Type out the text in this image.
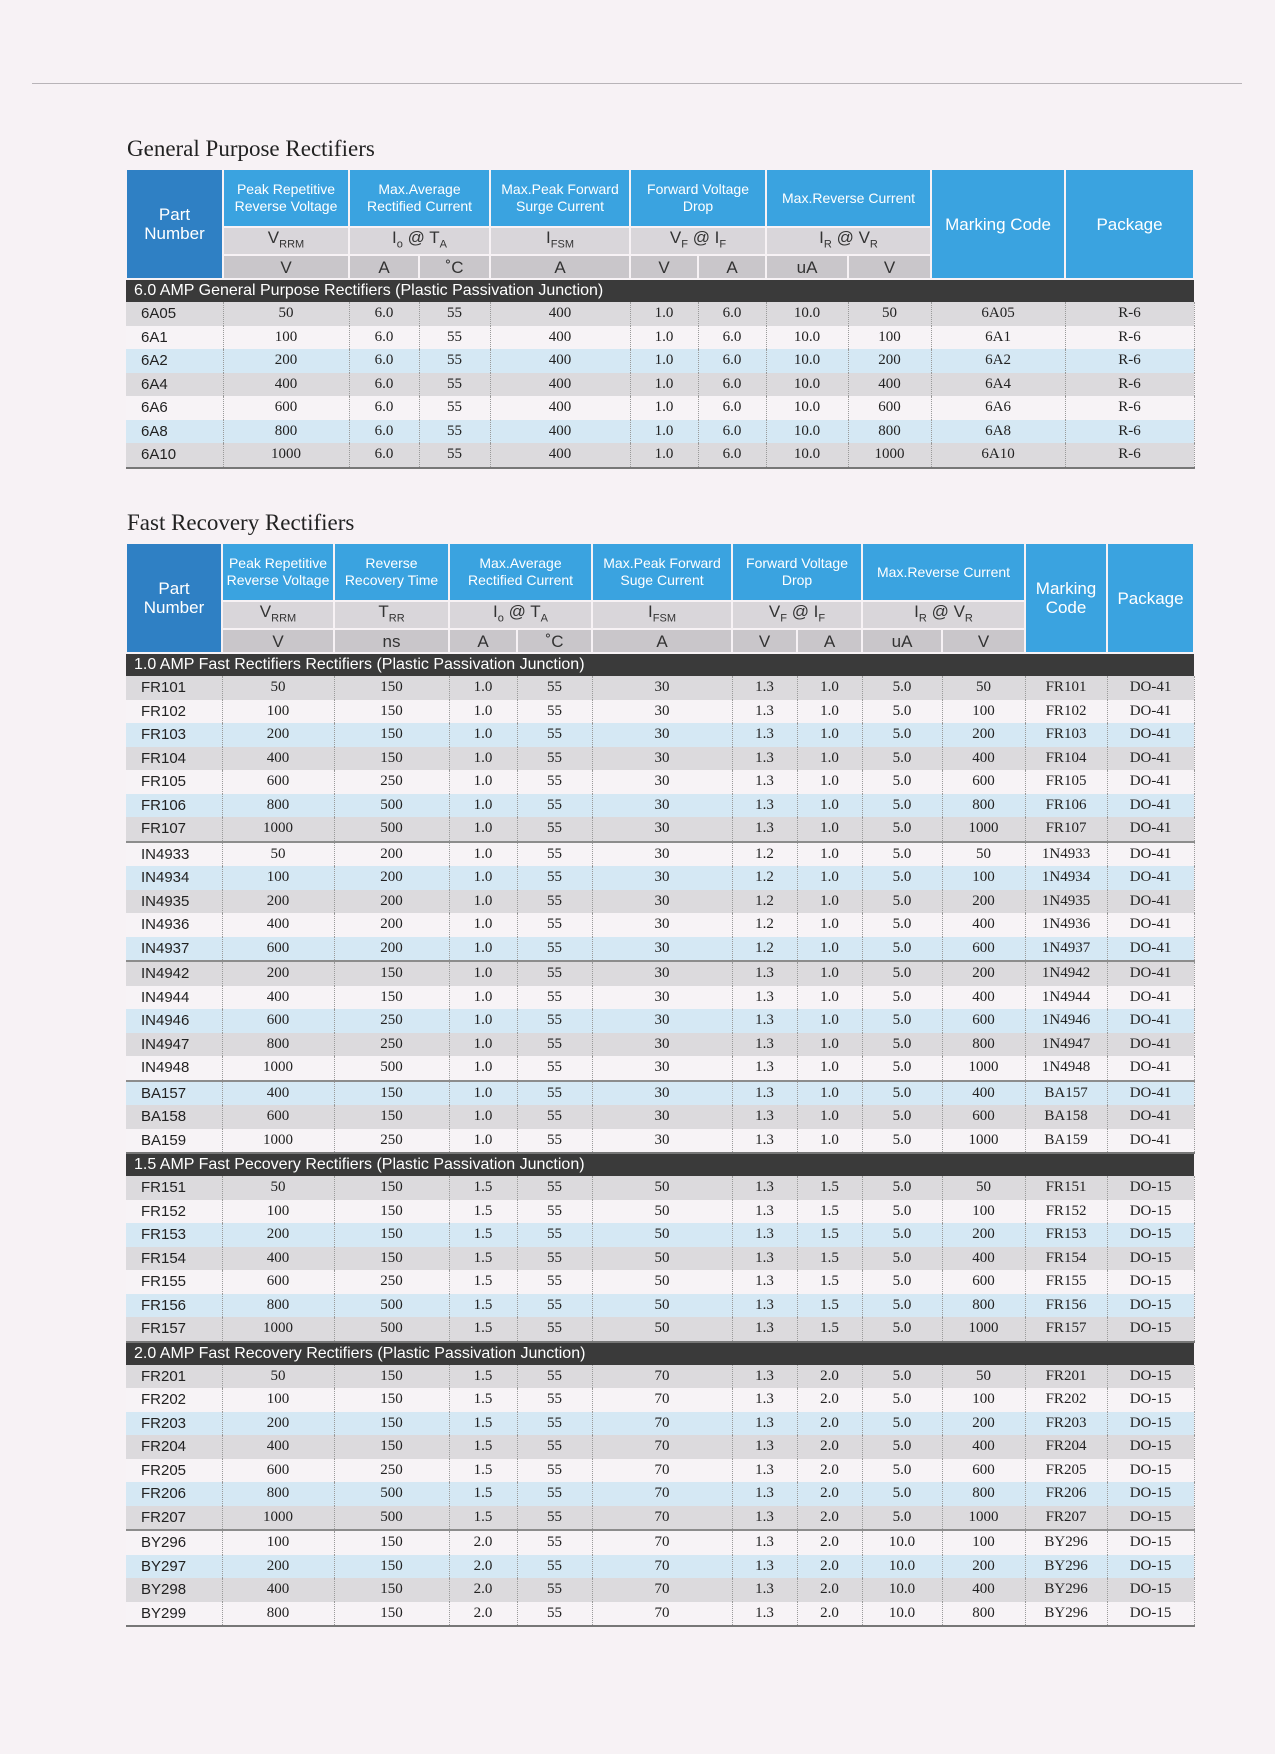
General Purpose Rectifiers
Part Number	Peak Repetitive Reverse Voltage	Max.Average Rectified Current		Max.Peak Forward Surge Current	Forward Voltage Drop		Max.Reverse Current		Marking Code	Package
	$V_{RRM}$	$I_o$ @ $T_A$		$I_{FSM}$	$V_F$ @ $I_F$		$I_R$ @ $V_R$
	V	A	˚C	A	V	A	uA	V		
6.0 AMP General Purpose Rectifiers (Plastic Passivation Junction)										
6A05	50	6.0	55	400	1.0	6.0	10.0	50	6A05	R-6
6A1	100	6.0	55	400	1.0	6.0	10.0	100	6A1	R-6
6A2	200	6.0	55	400	1.0	6.0	10.0	200	6A2	R-6
6A4	400	6.0	55	400	1.0	6.0	10.0	400	6A4	R-6
6A6	600	6.0	55	400	1.0	6.0	10.0	600	6A6	R-6
6A8	800	6.0	55	400	1.0	6.0	10.0	800	6A8	R-6
6A10	1000	6.0	55	400	1.0	6.0	10.0	1000	6A10	R-6
Fast Recovery Rectifiers
Part Number	Peak Repetitive Reverse Voltage	Reverse Recovery Time	Max.Average Rectified Current		Max.Peak Forward Suge Current	Forward Voltage Drop		Max.Reverse Current		Marking Code	Package
	$V_{RRM}$	$T_{RR}$	$I_o$ @ $T_A$		$I_{FSM}$	$V_F$ @ $I_F$		$I_R$ @ $V_R$
	V	ns	A	˚C	A	V	A	uA	V		
1.0 AMP Fast Rectifiers Rectifiers (Plastic Passivation Junction)											
FR101	50	150	1.0	55	30	1.3	1.0	5.0	50	FR101	DO-41
FR102	100	150	1.0	55	30	1.3	1.0	5.0	100	FR102	DO-41
FR103	200	150	1.0	55	30	1.3	1.0	5.0	200	FR103	DO-41
FR104	400	150	1.0	55	30	1.3	1.0	5.0	400	FR104	DO-41
FR105	600	250	1.0	55	30	1.3	1.0	5.0	600	FR105	DO-41
FR106	800	500	1.0	55	30	1.3	1.0	5.0	800	FR106	DO-41
FR107	1000	500	1.0	55	30	1.3	1.0	5.0	1000	FR107	DO-41
IN4933	50	200	1.0	55	30	1.2	1.0	5.0	50	1N4933	DO-41
IN4934	100	200	1.0	55	30	1.2	1.0	5.0	100	1N4934	DO-41
IN4935	200	200	1.0	55	30	1.2	1.0	5.0	200	1N4935	DO-41
IN4936	400	200	1.0	55	30	1.2	1.0	5.0	400	1N4936	DO-41
IN4937	600	200	1.0	55	30	1.2	1.0	5.0	600	1N4937	DO-41
IN4942	200	150	1.0	55	30	1.3	1.0	5.0	200	1N4942	DO-41
IN4944	400	150	1.0	55	30	1.3	1.0	5.0	400	1N4944	DO-41
IN4946	600	250	1.0	55	30	1.3	1.0	5.0	600	1N4946	DO-41
IN4947	800	250	1.0	55	30	1.3	1.0	5.0	800	1N4947	DO-41
IN4948	1000	500	1.0	55	30	1.3	1.0	5.0	1000	1N4948	DO-41
BA157	400	150	1.0	55	30	1.3	1.0	5.0	400	BA157	DO-41
BA158	600	150	1.0	55	30	1.3	1.0	5.0	600	BA158	DO-41
BA159	1000	250	1.0	55	30	1.3	1.0	5.0	1000	BA159	DO-41
1.5 AMP Fast Pecovery Rectifiers (Plastic Passivation Junction)											
FR151	50	150	1.5	55	50	1.3	1.5	5.0	50	FR151	DO-15
FR152	100	150	1.5	55	50	1.3	1.5	5.0	100	FR152	DO-15
FR153	200	150	1.5	55	50	1.3	1.5	5.0	200	FR153	DO-15
FR154	400	150	1.5	55	50	1.3	1.5	5.0	400	FR154	DO-15
FR155	600	250	1.5	55	50	1.3	1.5	5.0	600	FR155	DO-15
FR156	800	500	1.5	55	50	1.3	1.5	5.0	800	FR156	DO-15
FR157	1000	500	1.5	55	50	1.3	1.5	5.0	1000	FR157	DO-15
2.0 AMP Fast Recovery Rectifiers (Plastic Passivation Junction)											
FR201	50	150	1.5	55	70	1.3	2.0	5.0	50	FR201	DO-15
FR202	100	150	1.5	55	70	1.3	2.0	5.0	100	FR202	DO-15
FR203	200	150	1.5	55	70	1.3	2.0	5.0	200	FR203	DO-15
FR204	400	150	1.5	55	70	1.3	2.0	5.0	400	FR204	DO-15
FR205	600	250	1.5	55	70	1.3	2.0	5.0	600	FR205	DO-15
FR206	800	500	1.5	55	70	1.3	2.0	5.0	800	FR206	DO-15
FR207	1000	500	1.5	55	70	1.3	2.0	5.0	1000	FR207	DO-15
BY296	100	150	2.0	55	70	1.3	2.0	10.0	100	BY296	DO-15
BY297	200	150	2.0	55	70	1.3	2.0	10.0	200	BY296	DO-15
BY298	400	150	2.0	55	70	1.3	2.0	10.0	400	BY296	DO-15
BY299	800	150	2.0	55	70	1.3	2.0	10.0	800	BY296	DO-15
